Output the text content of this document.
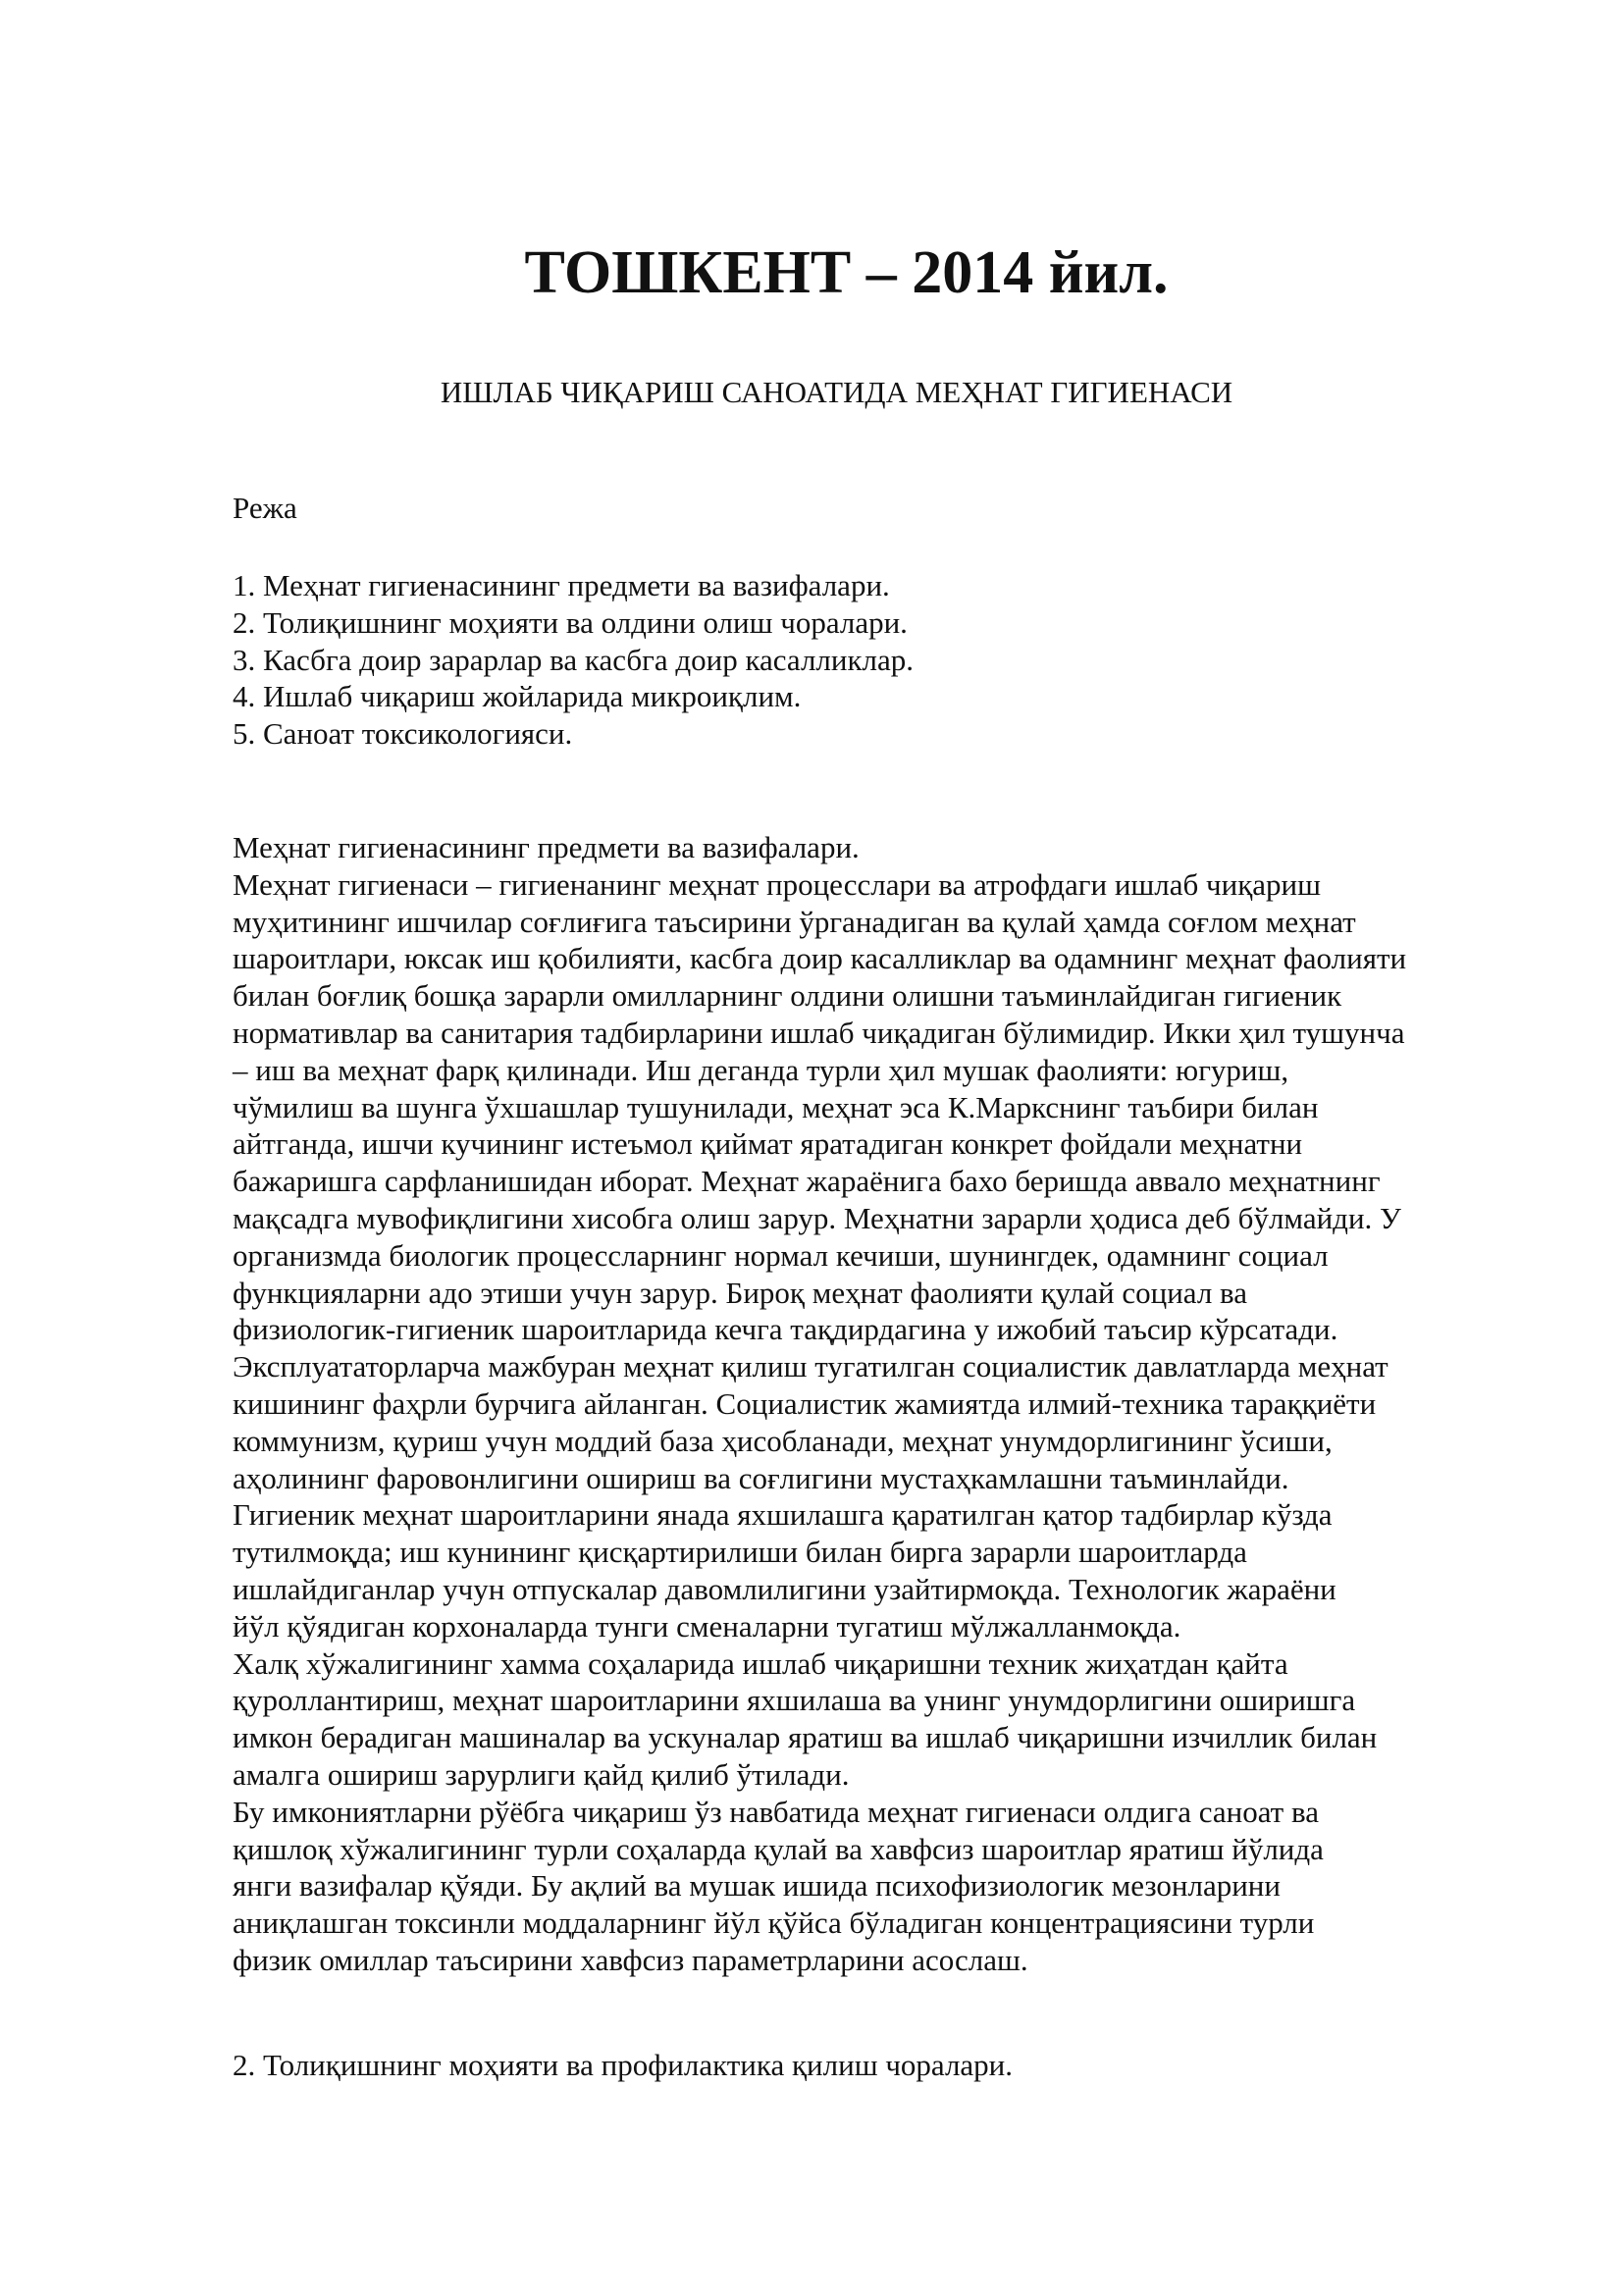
ТОШКЕНТ – 2014 йил.
ИШЛАБ ЧИҚАРИШ САНОАТИДА МЕҲНАТ ГИГИЕНАСИ
Режа
1. Меҳнат гигиенасининг предмети ва вазифалари.
2. Толиқишнинг моҳияти ва олдини олиш чоралари.
3. Касбга доир зарарлар ва касбга доир касалликлар.
4. Ишлаб чиқариш жойларида микроиқлим.
5. Саноат токсикологияси.
Меҳнат гигиенасининг предмети ва вазифалари.
Меҳнат гигиенаси – гигиенанинг меҳнат процесслари ва атрофдаги ишлаб чиқариш
муҳитининг ишчилар соғлиғига таъсирини ўрганадиган ва қулай ҳамда соғлом меҳнат
шароитлари, юксак иш қобилияти, касбга доир касалликлар ва одамнинг меҳнат фаолияти
билан боғлиқ бошқа зарарли омилларнинг олдини олишни таъминлайдиган гигиеник
нормативлар ва санитария тадбирларини ишлаб чиқадиган бўлимидир. Икки ҳил тушунча
– иш ва меҳнат фарқ қилинади. Иш деганда турли ҳил мушак фаолияти: югуриш,
чўмилиш ва шунга ўхшашлар тушунилади, меҳнат эса К.Маркснинг таъбири билан
айтганда, ишчи кучининг истеъмол қиймат яратадиган конкрет фойдали меҳнатни
бажаришга сарфланишидан иборат. Меҳнат жараёнига бахо беришда аввало меҳнатнинг
мақсадга мувофиқлигини хисобга олиш зарур. Меҳнатни зарарли ҳодиса деб бўлмайди. У
организмда биологик процессларнинг нормал кечиши, шунингдек, одамнинг социал
функцияларни адо этиши учун зарур. Бироқ меҳнат фаолияти қулай социал ва
физиологик-гигиеник шароитларида кечга тақдирдагина у ижобий таъсир кўрсатади.
Эксплуататорларча мажбуран меҳнат қилиш тугатилган социалистик давлатларда меҳнат
кишининг фаҳрли бурчига айланган. Социалистик жамиятда илмий-техника тараққиёти
коммунизм, қуриш учун моддий база ҳисобланади, меҳнат унумдорлигининг ўсиши,
аҳолининг фаровонлигини ошириш ва соғлигини мустаҳкамлашни таъминлайди.
Гигиеник меҳнат шароитларини янада яхшилашга қаратилган қатор тадбирлар кўзда
тутилмоқда; иш кунининг қисқартирилиши билан бирга зарарли шароитларда
ишлайдиганлар учун отпускалар давомлилигини узайтирмоқда. Технологик жараёни
йўл қўядиган корхоналарда тунги сменаларни тугатиш мўлжалланмоқда.
Халқ хўжалигининг хамма соҳаларида ишлаб чиқаришни техник жиҳатдан қайта
қуроллантириш, меҳнат шароитларини яхшилаша ва унинг унумдорлигини оширишга
имкон берадиган машиналар ва ускуналар яратиш ва ишлаб чиқаришни изчиллик билан
амалга ошириш зарурлиги қайд қилиб ўтилади.
Бу имкониятларни рўёбга чиқариш ўз навбатида меҳнат гигиенаси олдига саноат ва
қишлоқ хўжалигининг турли соҳаларда қулай ва хавфсиз шароитлар яратиш йўлида
янги вазифалар қўяди. Бу ақлий ва мушак ишида психофизиологик мезонларини
аниқлашган токсинли моддаларнинг йўл қўйса бўладиган концентрациясини турли
физик омиллар таъсирини хавфсиз параметрларини асослаш.
2. Толиқишнинг моҳияти ва профилактика қилиш чоралари.
